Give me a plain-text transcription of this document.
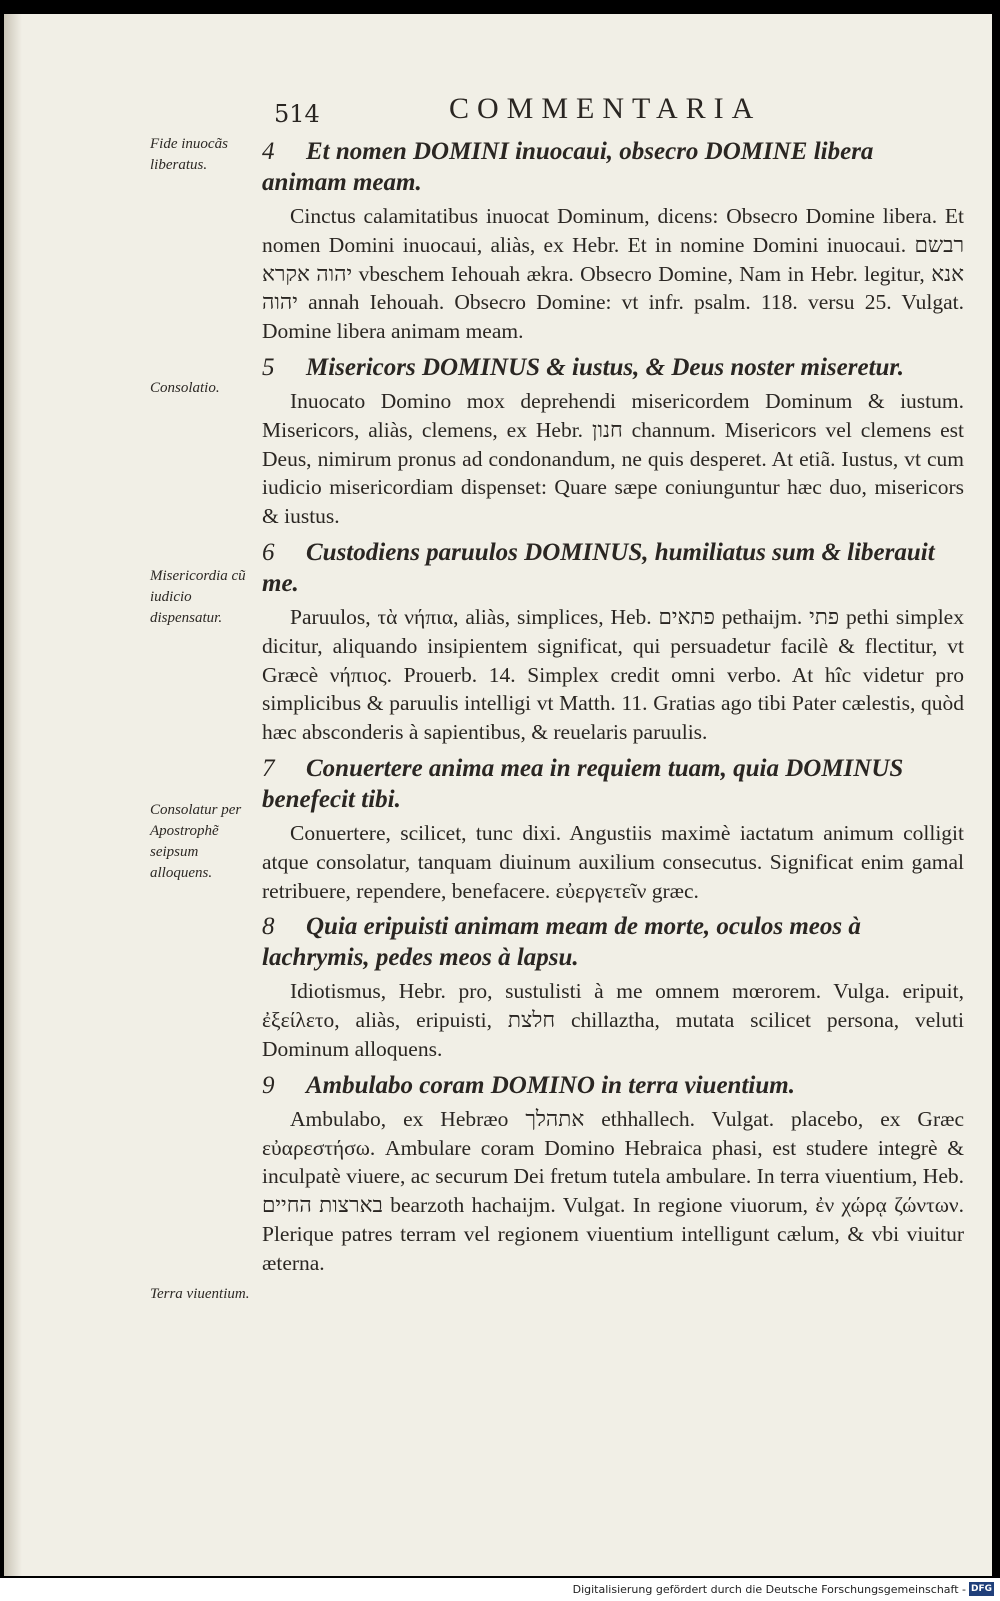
514	COMMENTARIA
Fide inuocãs liberatus.
Consolatio.
Misericordia cũ iudicio dispensatur.
Consolatur per Apostrophẽ seipsum alloquens.
Terra viuentium.

4 Et nomen DOMINI inuocaui, obsecro DOMINE libera animam meam.

Cinctus calamitatibus inuocat Dominum, dicens: Obsecro Domine libera. Et nomen Domini inuocaui, aliàs, ex Hebr. Et in nomine Domini inuocaui. רבשם יהוה אקרא vbeschem Iehouah ækra. Obsecro Domine, Nam in Hebr. legitur, אנא יהוה annah Iehouah. Obsecro Domine: vt infr. psalm. 118. versu 25. Vulgat. Domine libera animam meam.

5 Misericors DOMINUS & iustus, & Deus noster miseretur.

Inuocato Domino mox deprehendi misericordem Dominum & iustum. Misericors, aliàs, clemens, ex Hebr. חנון channum. Misericors vel clemens est Deus, nimirum pronus ad condonandum, ne quis desperet. At etiã. Iustus, vt cum iudicio misericordiam dispenset: Quare sæpe coniunguntur hæc duo, misericors & iustus.

6 Custodiens paruulos DOMINUS, humiliatus sum & liberauit me.

Paruulos, τὰ νήπια, aliàs, simplices, Heb. פתאים pethaijm. פתי pethi simplex dicitur, aliquando insipientem significat, qui persuadetur facilè & flectitur, vt Græcè νήπιος. Prouerb. 14. Simplex credit omni verbo. At hîc videtur pro simplicibus & paruulis intelligi vt Matth. 11. Gratias ago tibi Pater cælestis, quòd hæc absconderis à sapientibus, & reuelaris paruulis.

7 Conuertere anima mea in requiem tuam, quia DOMINUS benefecit tibi.

Conuertere, scilicet, tunc dixi. Angustiis maximè iactatum animum colligit atque consolatur, tanquam diuinum auxilium consecutus. Significat enim gamal retribuere, rependere, benefacere. εὐεργετεῖν græc.

8 Quia eripuisti animam meam de morte, oculos meos à lachrymis, pedes meos à lapsu.

Idiotismus, Hebr. pro, sustulisti à me omnem mœrorem. Vulga. eripuit, ἐξείλετο, aliàs, eripuisti, חלצת chillaztha, mutata scilicet persona, veluti Dominum alloquens.

9 Ambulabo coram DOMINO in terra viuentium.

Ambulabo, ex Hebræo אתהלך ethhallech. Vulgat. placebo, ex Græc εὐαρεστήσω. Ambulare coram Domino Hebraica phasi, est studere integrè & inculpatè viuere, ac securum Dei fretum tutela ambulare. In terra viuentium, Heb. בארצות החיים bearzoth hachaijm. Vulgat. In regione viuorum, ἐν χώρᾳ ζώντων. Plerique patres terram vel regionem viuentium intelligunt cælum, & vbi viuitur æterna.

Digitalisierung gefördert durch die Deutsche Forschungsgemeinschaft - DFG
